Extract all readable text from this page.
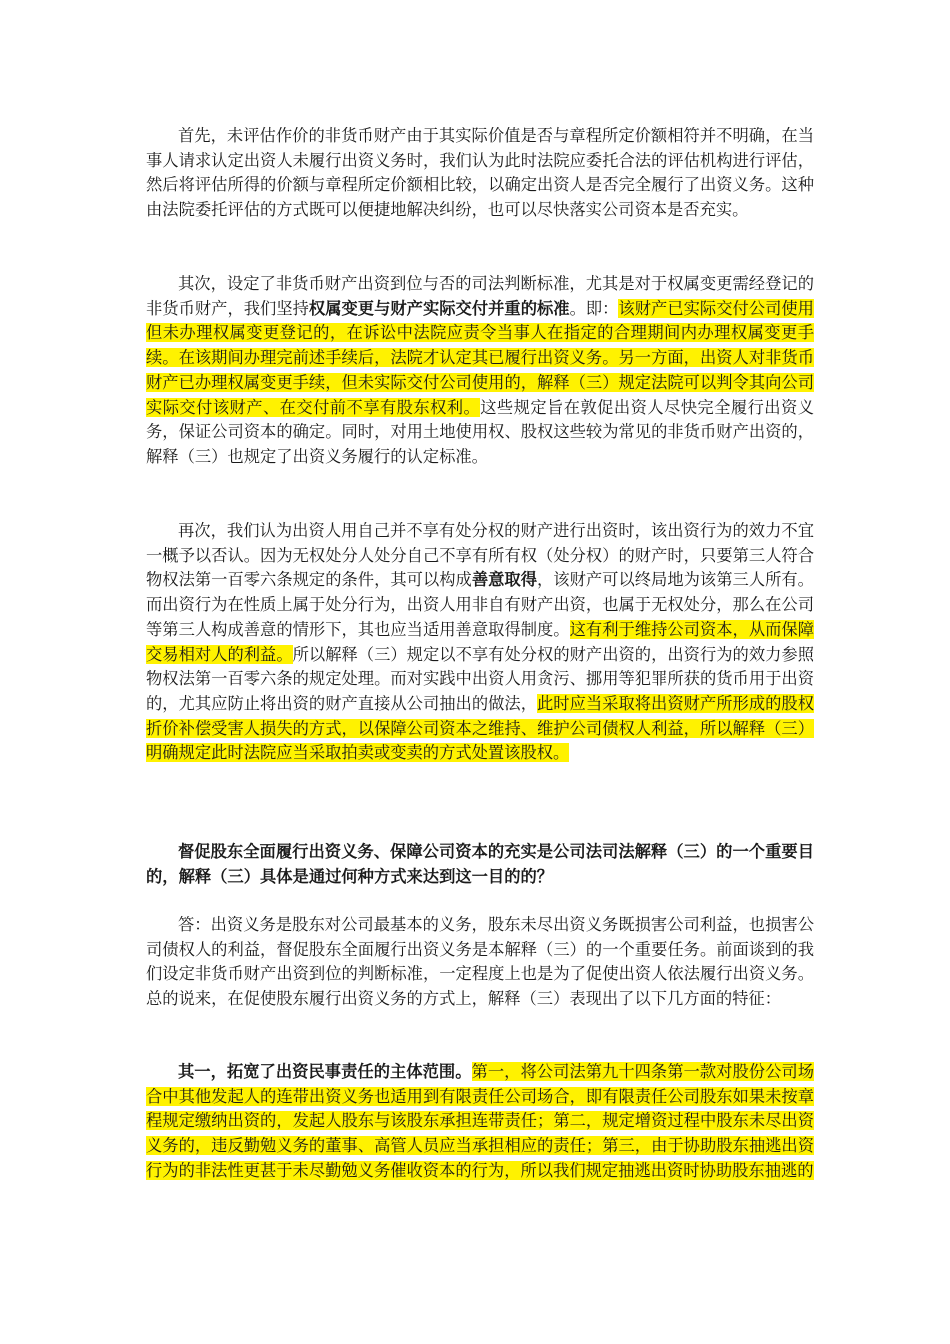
首先，未评估作价的非货币财产由于其实际价值是否与章程所定价额相符并不明确，在当事人请求认定出资人未履行出资义务时，我们认为此时法院应委托合法的评估机构进行评估，然后将评估所得的价额与章程所定价额相比较，以确定出资人是否完全履行了出资义务。这种由法院委托评估的方式既可以便捷地解决纠纷，也可以尽快落实公司资本是否充实。

其次，设定了非货币财产出资到位与否的司法判断标准，尤其是对于权属变更需经登记的非货币财产，我们坚持权属变更与财产实际交付并重的标准。即：该财产已实际交付公司使用但未办理权属变更登记的，在诉讼中法院应责令当事人在指定的合理期间内办理权属变更手续。在该期间办理完前述手续后，法院才认定其已履行出资义务。另一方面，出资人对非货币财产已办理权属变更手续，但未实际交付公司使用的，解释（三）规定法院可以判令其向公司实际交付该财产、在交付前不享有股东权利。这些规定旨在敦促出资人尽快完全履行出资义务，保证公司资本的确定。同时，对用土地使用权、股权这些较为常见的非货币财产出资的，解释（三）也规定了出资义务履行的认定标准。

再次，我们认为出资人用自己并不享有处分权的财产进行出资时，该出资行为的效力不宜一概予以否认。因为无权处分人处分自己不享有所有权（处分权）的财产时，只要第三人符合物权法第一百零六条规定的条件，其可以构成善意取得，该财产可以终局地为该第三人所有。而出资行为在性质上属于处分行为，出资人用非自有财产出资，也属于无权处分，那么在公司等第三人构成善意的情形下，其也应当适用善意取得制度。这有利于维持公司资本，从而保障交易相对人的利益。所以解释（三）规定以不享有处分权的财产出资的，出资行为的效力参照物权法第一百零六条的规定处理。而对实践中出资人用贪污、挪用等犯罪所获的货币用于出资的，尤其应防止将出资的财产直接从公司抽出的做法，此时应当采取将出资财产所形成的股权折价补偿受害人损失的方式，以保障公司资本之维持、维护公司债权人利益，所以解释（三）明确规定此时法院应当采取拍卖或变卖的方式处置该股权。

督促股东全面履行出资义务、保障公司资本的充实是公司法司法解释（三）的一个重要目的，解释（三）具体是通过何种方式来达到这一目的的？

答：出资义务是股东对公司最基本的义务，股东未尽出资义务既损害公司利益，也损害公司债权人的利益，督促股东全面履行出资义务是本解释（三）的一个重要任务。前面谈到的我们设定非货币财产出资到位的判断标准，一定程度上也是为了促使出资人依法履行出资义务。总的说来，在促使股东履行出资义务的方式上，解释（三）表现出了以下几方面的特征：

其一，拓宽了出资民事责任的主体范围。第一，将公司法第九十四条第一款对股份公司场合中其他发起人的连带出资义务也适用到有限责任公司场合，即有限责任公司股东如果未按章程规定缴纳出资的，发起人股东与该股东承担连带责任；第二，规定增资过程中股东未尽出资义务的，违反勤勉义务的董事、高管人员应当承担相应的责任；第三，由于协助股东抽逃出资行为的非法性更甚于未尽勤勉义务催收资本的行为，所以我们规定抽逃出资时协助股东抽逃的
